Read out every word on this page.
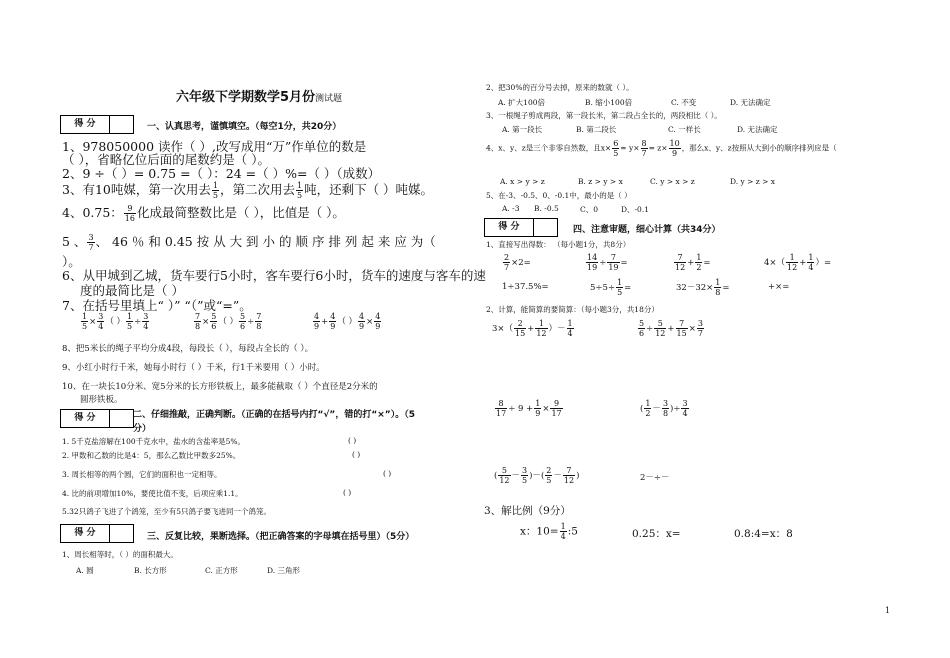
六年级下学期数学5月份测试题
得 分	一、认真思考，谨慎填空。（每空1分，共20分）
1、978050000 读作（ ）,改写成用“万”作单位的数是
（ ），省略亿位后面的尾数约是（ ）。
2、9 ÷（ ）= 0.75 =（ ）：24 =（ ）%=（ ）（成数）
3、有10吨媒，第一次用去 $\frac{1}{5}$ ，第二次用去 $\frac{1}{5}$ 吨，还剩下（ ）吨媒。
4、0.75： $\frac{9}{16}$ 化成最简整数比是（ ），比值是（ ）。
5 、 $\frac{3}{7}$ 、 46 ％ 和 0.45 按 从 大 到 小 的 顺 序 排 列 起 来 应 为（
）。
6、从甲城到乙城，货车要行5小时，客车要行6小时，货车的速度与客车的速
度的最简比是（ ）
7、在括号里填上“ ）” “（”或“=”。
$\frac{1}{5} \times \frac{3}{4}$ （ ） $\frac{1}{5} \div \frac{3}{4}$	$\frac{7}{8} \times \frac{5}{6}$ （ ） $\frac{5}{6} \div \frac{7}{8}$	$\frac{4}{9} + \frac{4}{9}$ （ ） $\frac{4}{9} \times \frac{4}{9}$
8、把5米长的绳子平均分成4段，每段长（ ），每段占全长的（ ）。
9、小红小时行千米，她每小时行（ ）千米，行1千米要用（ ）小时。
10、在一块长10分米、宽5分米的长方形铁板上，最多能截取（ ）个直径是2分米的
圆形铁板。
得 分	二、仔细推敲，正确判断。（正确的在括号内打“√”，错的打“×”）。（5
分）
1. 5千克盐溶解在100千克水中，盐水的含盐率是5%。	( )
2. 甲数和乙数的比是4：5，那么乙数比甲数多25%。	( )
3. 周长相等的两个圆，它们的面积也一定相等。	( )
4. 比的前项增加10%，要使比值不变，后项应乘1.1。	( )
5.32只鸽子飞进了个鸽笼，至少有5只鸽子要飞进同一个鸽笼。
得 分	三、反复比较，果断选择。（把正确答案的字母填在括号里）（5分）
1、周长相等时，（ ）的面积最大。
A. 圆	B. 长方形	C. 正方形	D. 三角形
2、把30%的百分号去掉，原来的数就（ ）。
A. 扩大100倍	B. 缩小100倍	C. 不变	D. 无法确定
3、一根绳子剪成两段，第一段长米，第二段占全长的，两段相比（ ）。
A. 第一段长	B. 第二段长	C. 一样长	D. 无法确定
4、x、y、z是三个非零自然数，且$x\times \frac{6}{5} = y\times \frac{8}{7} = z\times \frac{10}{9}$ ，那么x、y、z按照从大到小的顺序排列应是（
A. x > y > z	B. z > y > x	C. y > x > z	D. y > z > x
5、在-3、-0.5、0、-0.1中，最小的是（ ）
A. -3 B. -0.5	C、0	D、-0.1
得 分	四、注意审题，细心计算（共34分）
1、直接写出得数： （每小题1分，共8分）
$\frac{2}{7} \times 2=$	$\frac{14}{19} \div \frac{7}{19}$ =	$\frac{7}{12} + \frac{1}{2}$ =	$4\times( \frac{1}{12} + \frac{1}{4}$ ）=
1÷37.5%=	$5\div 5\div \frac{1}{5}$ =	$32-32\times \frac{1}{8}$ =	+×=
2、计算，能简算的要简算：（每小题3分，共18分）
$3\times( \frac{2}{15} + \frac{1}{12}$ ）－ $\frac{1}{4}$	$\frac{5}{6} \div \frac{5}{12} + \frac{7}{15} \times \frac{3}{7}$
$\frac{8}{17} \div 9 + \frac{1}{9} \times \frac{9}{17}$	( $\frac{1}{2} - \frac{3}{8}$ )÷ $\frac{3}{4}$
( $\frac{5}{12} - \frac{3}{5}$ )－( $\frac{2}{5} - \frac{7}{12}$ )	2－÷－
3、解比例（9分）
x：$10= \frac{1}{4}$ :5	0.25：x=	0.8:4=x：8
1
